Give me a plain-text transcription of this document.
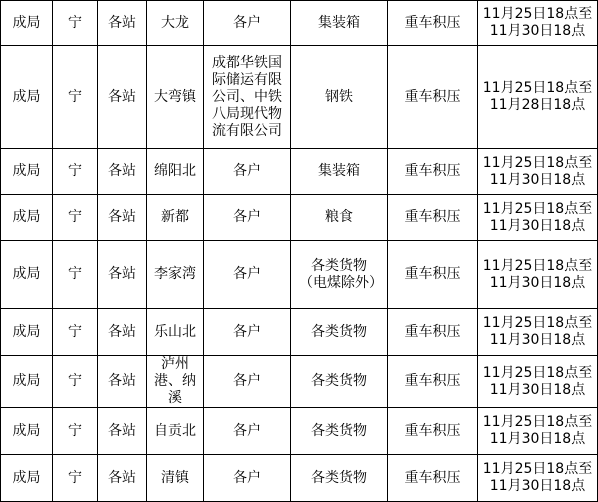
成局	宁	各站	大龙	各户	集装箱	重车积压	11月25日18点至
11月30日18点

成局	宁	各站	大弯镇	成都华铁国际储运有限公司、中铁八局现代物流有限公司	钢铁	重车积压	11月25日18点至
11月28日18点

成局	宁	各站	绵阳北	各户	集装箱	重车积压	11月25日18点至
11月30日18点

成局	宁	各站	新都	各户	粮食	重车积压	11月25日18点至
11月30日18点

成局	宁	各站	李家湾	各户	各类货物（电煤除外）	重车积压	11月25日18点至
11月30日18点

成局	宁	各站	乐山北	各户	各类货物	重车积压	11月25日18点至
11月30日18点

成局	宁	各站	泸州港、纳溪	各户	各类货物	重车积压	11月25日18点至
11月30日18点

成局	宁	各站	自贡北	各户	各类货物	重车积压	11月25日18点至
11月30日18点

成局	宁	各站	清镇	各户	各类货物	重车积压	11月25日18点至
11月30日18点
